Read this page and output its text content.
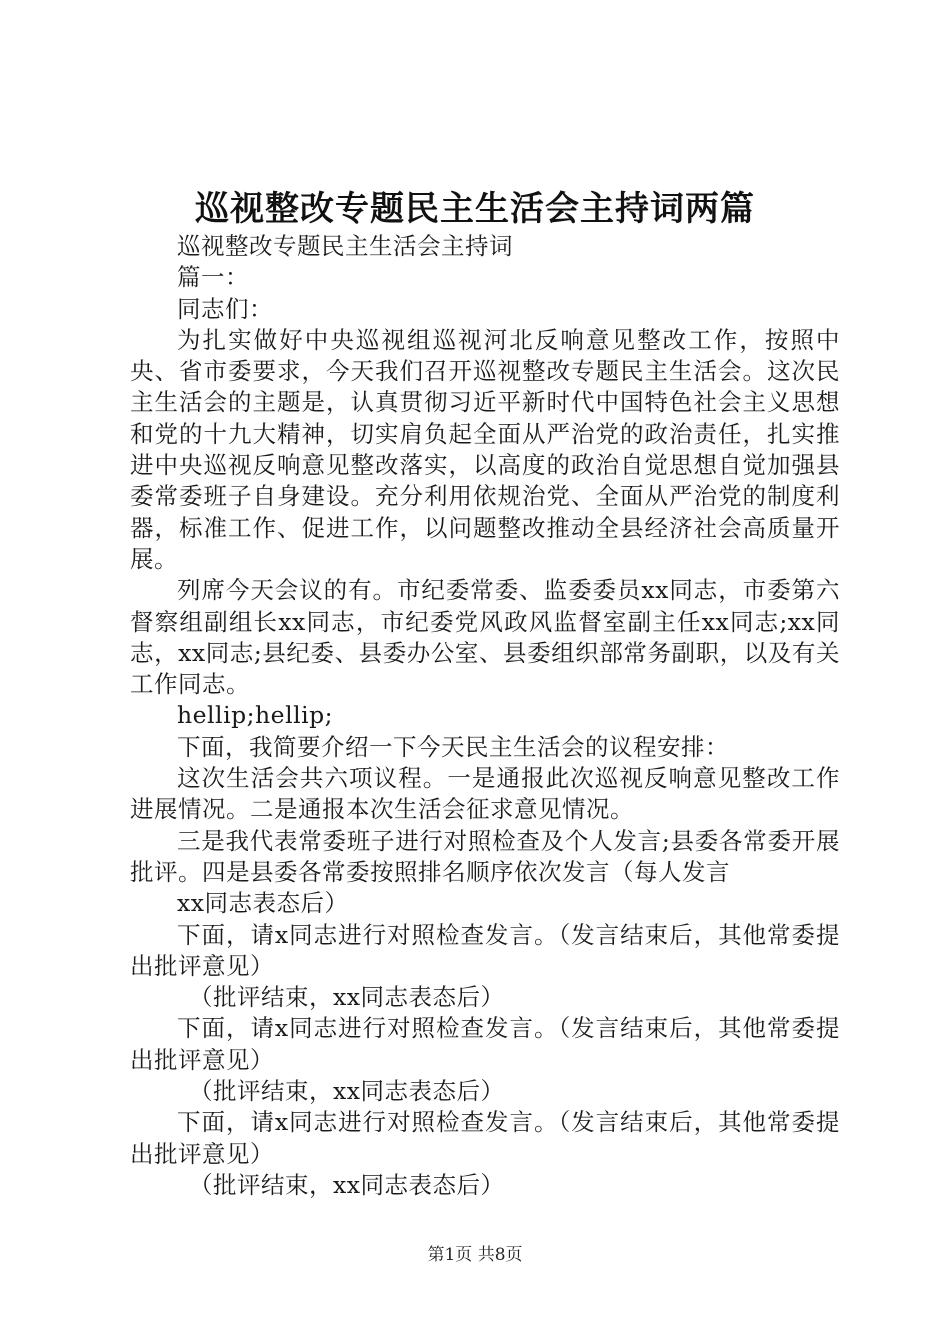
巡视整改专题民主生活会主持词两篇

巡视整改专题民主生活会主持词

篇一：

同志们：

为扎实做好中央巡视组巡视河北反响意见整改工作，按照中央、省市委要求，今天我们召开巡视整改专题民主生活会。这次民主生活会的主题是，认真贯彻习近平新时代中国特色社会主义思想和党的十九大精神，切实肩负起全面从严治党的政治责任，扎实推进中央巡视反响意见整改落实，以高度的政治自觉思想自觉加强县委常委班子自身建设。充分利用依规治党、全面从严治党的制度利器，标准工作、促进工作，以问题整改推动全县经济社会高质量开展。

列席今天会议的有。市纪委常委、监委委员xx同志，市委第六督察组副组长xx同志，市纪委党风政风监督室副主任xx同志;xx同志，xx同志;县纪委、县委办公室、县委组织部常务副职，以及有关工作同志。

hellip;hellip;

下面，我简要介绍一下今天民主生活会的议程安排：

这次生活会共六项议程。一是通报此次巡视反响意见整改工作进展情况。二是通报本次生活会征求意见情况。

三是我代表常委班子进行对照检查及个人发言;县委各常委开展批评。四是县委各常委按照排名顺序依次发言（每人发言

xx同志表态后）

下面，请x同志进行对照检查发言。（发言结束后，其他常委提出批评意见）

（批评结束，xx同志表态后）

下面，请x同志进行对照检查发言。（发言结束后，其他常委提出批评意见）

（批评结束，xx同志表态后）

下面，请x同志进行对照检查发言。（发言结束后，其他常委提出批评意见）

（批评结束，xx同志表态后）

第1页 共8页
